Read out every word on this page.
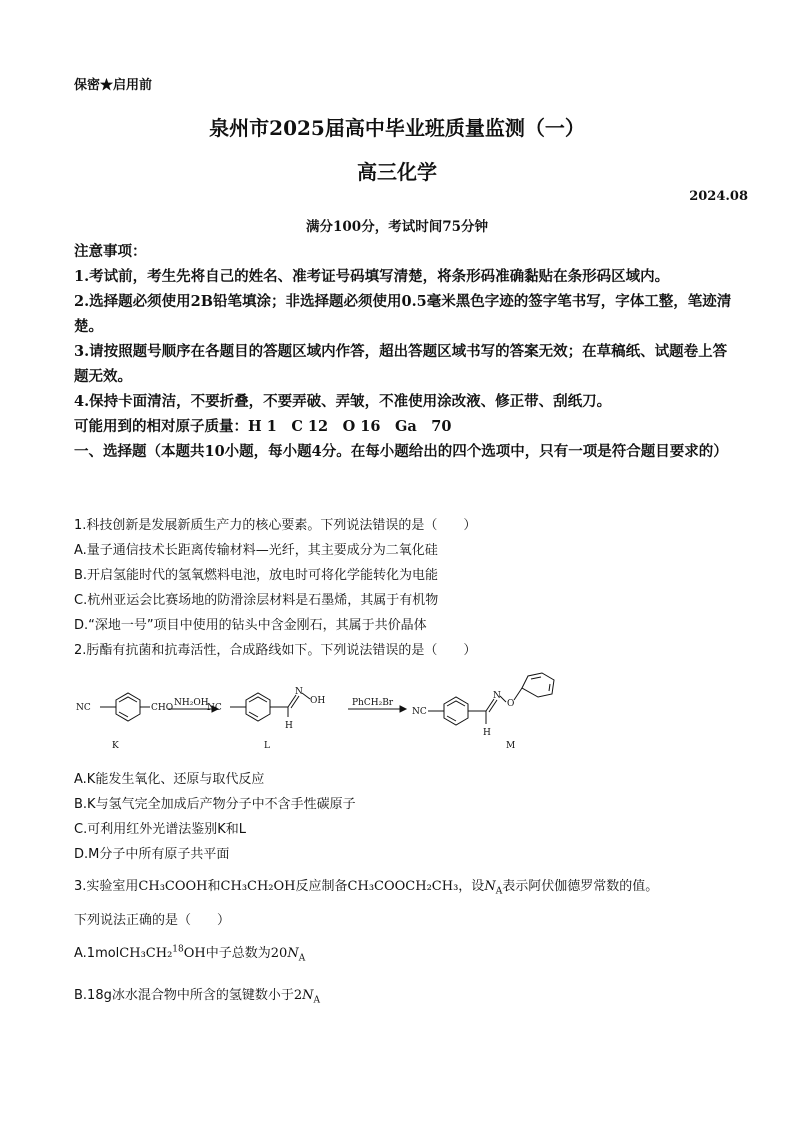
保密★启用前
泉州市2025届高中毕业班质量监测（一）
高三化学
2024.08
满分100分，考试时间75分钟

注意事项：

1.考试前，考生先将自己的姓名、准考证号码填写清楚，将条形码准确黏贴在条形码区域内。

2.选择题必须使用2B铅笔填涂；非选择题必须使用0.5毫米黑色字迹的签字笔书写，字体工整，笔迹清楚。

3.请按照题号顺序在各题目的答题区域内作答，超出答题区域书写的答案无效；在草稿纸、试题卷上答题无效。

4.保持卡面清洁，不要折叠，不要弄破、弄皱，不准使用涂改液、修正带、刮纸刀。

可能用到的相对原子质量：H 1　C 12　O 16　Ga　70

一、选择题（本题共10小题，每小题4分。在每小题给出的四个选项中，只有一项是符合题目要求的）

1.科技创新是发展新质生产力的核心要素。下列说法错误的是（　　）
A.量子通信技术长距离传输材料—光纤，其主要成分为二氧化硅
B.开启氢能时代的氢氧燃料电池，放电时可将化学能转化为电能
C.杭州亚运会比赛场地的防滑涂层材料是石墨烯，其属于有机物
D.“深地一号”项目中使用的钻头中含金刚石，其属于共价晶体
2.肟酯有抗菌和抗毒活性，合成路线如下。下列说法错误的是（　　）
NC	CHO NH₂OH
NC
N
OH
H
PhCH₂Br
NC
N
O
H
K	L	M
A.K能发生氧化、还原与取代反应
B.K与氢气完全加成后产物分子中不含手性碳原子
C.可利用红外光谱法鉴别K和L
D.M分子中所有原子共平面
3.实验室用CH₃COOH和CH₃CH₂OH反应制备CH₃COOCH₂CH₃，设$N_A$表示阿伏伽德罗常数的值。
下列说法正确的是（　　）
A.1molCH₃CH₂$^{18}$OH中子总数为$20N_A$
B.18g冰水混合物中所含的氢键数小于$2N_A$
